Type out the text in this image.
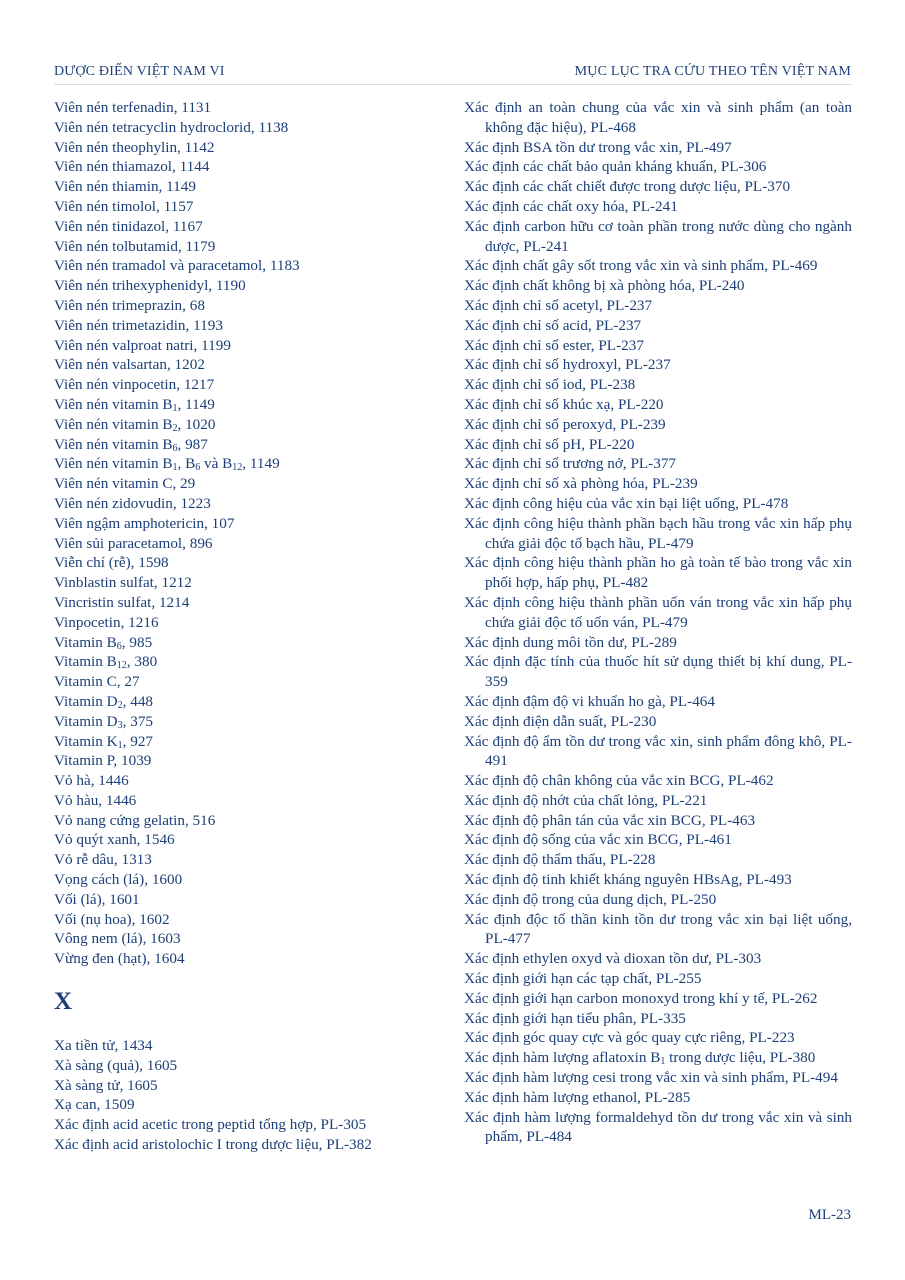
DƯỢC ĐIỂN VIỆT NAM VI	MỤC LỤC TRA CỨU THEO TÊN VIỆT NAM

Viên nén terfenadin, 1131

Viên nén tetracyclin hydroclorid, 1138

Viên nén theophylin, 1142

Viên nén thiamazol, 1144

Viên nén thiamin, 1149

Viên nén timolol, 1157

Viên nén tinidazol, 1167

Viên nén tolbutamid, 1179

Viên nén tramadol và paracetamol, 1183

Viên nén trihexyphenidyl, 1190

Viên nén trimeprazin, 68

Viên nén trimetazidin, 1193

Viên nén valproat natri, 1199

Viên nén valsartan, 1202

Viên nén vinpocetin, 1217

Viên nén vitamin $B_1$, 1149

Viên nén vitamin $B_2$, 1020

Viên nén vitamin $B_6$, 987

Viên nén vitamin $B_1$, $B_6$ và $B_{12}$, 1149

Viên nén vitamin C, 29

Viên nén zidovudin, 1223

Viên ngậm amphotericin, 107

Viên sủi paracetamol, 896

Viễn chí (rễ), 1598

Vinblastin sulfat, 1212

Vincristin sulfat, 1214

Vinpocetin, 1216

Vitamin $B_6$, 985

Vitamin $B_{12}$, 380

Vitamin C, 27

Vitamin $D_2$, 448

Vitamin $D_3$, 375

Vitamin $K_1$, 927

Vitamin P, 1039

Vỏ hà, 1446

Vỏ hàu, 1446

Vỏ nang cứng gelatin, 516

Vỏ quýt xanh, 1546

Vỏ rễ dâu, 1313

Vọng cách (lá), 1600

Vối (lá), 1601

Vối (nụ hoa), 1602

Vông nem (lá), 1603

Vừng đen (hạt), 1604

X

Xa tiền tử, 1434

Xà sàng (quả), 1605

Xà sàng tử, 1605

Xạ can, 1509

Xác định acid acetic trong peptid tổng hợp, PL-305

Xác định acid aristolochic I trong dược liệu, PL-382

Xác định an toàn chung của vắc xin và sinh phẩm (an toàn không đặc hiệu), PL-468

Xác định BSA tồn dư trong vắc xin, PL-497

Xác định các chất bảo quản kháng khuẩn, PL-306

Xác định các chất chiết được trong dược liệu, PL-370

Xác định các chất oxy hóa, PL-241

Xác định carbon hữu cơ toàn phần trong nước dùng cho ngành dược, PL-241

Xác định chất gây sốt trong vắc xin và sinh phẩm, PL-469

Xác định chất không bị xà phòng hóa, PL-240

Xác định chỉ số acetyl, PL-237

Xác định chỉ số acid, PL-237

Xác định chỉ số ester, PL-237

Xác định chỉ số hydroxyl, PL-237

Xác định chỉ số iod, PL-238

Xác định chỉ số khúc xạ, PL-220

Xác định chỉ số peroxyd, PL-239

Xác định chỉ số pH, PL-220

Xác định chỉ số trương nở, PL-377

Xác định chỉ số xà phòng hóa, PL-239

Xác định công hiệu của vắc xin bại liệt uống, PL-478

Xác định công hiệu thành phần bạch hầu trong vắc xin hấp phụ chứa giải độc tố bạch hầu, PL-479

Xác định công hiệu thành phần ho gà toàn tế bào trong vắc xin phối hợp, hấp phụ, PL-482

Xác định công hiệu thành phần uốn ván trong vắc xin hấp phụ chứa giải độc tố uốn ván, PL-479

Xác định dung môi tồn dư, PL-289

Xác định đặc tính của thuốc hít sử dụng thiết bị khí dung, PL-359

Xác định đậm độ vi khuẩn ho gà, PL-464

Xác định điện dẫn suất, PL-230

Xác định độ ẩm tồn dư trong vắc xin, sinh phẩm đông khô, PL-491

Xác định độ chân không của vắc xin BCG, PL-462

Xác định độ nhớt của chất lỏng, PL-221

Xác định độ phân tán của vắc xin BCG, PL-463

Xác định độ sống của vắc xin BCG, PL-461

Xác định độ thẩm thấu, PL-228

Xác định độ tinh khiết kháng nguyên HBsAg, PL-493

Xác định độ trong của dung dịch, PL-250

Xác định độc tố thần kinh tồn dư trong vắc xin bại liệt uống, PL-477

Xác định ethylen oxyd và dioxan tồn dư, PL-303

Xác định giới hạn các tạp chất, PL-255

Xác định giới hạn carbon monoxyd trong khí y tế, PL-262

Xác định giới hạn tiểu phân, PL-335

Xác định góc quay cực và góc quay cực riêng, PL-223

Xác định hàm lượng aflatoxin $B_1$ trong dược liệu, PL-380

Xác định hàm lượng cesi trong vắc xin và sinh phẩm, PL-494

Xác định hàm lượng ethanol, PL-285

Xác định hàm lượng formaldehyd tồn dư trong vắc xin và sinh phẩm, PL-484

ML-23
